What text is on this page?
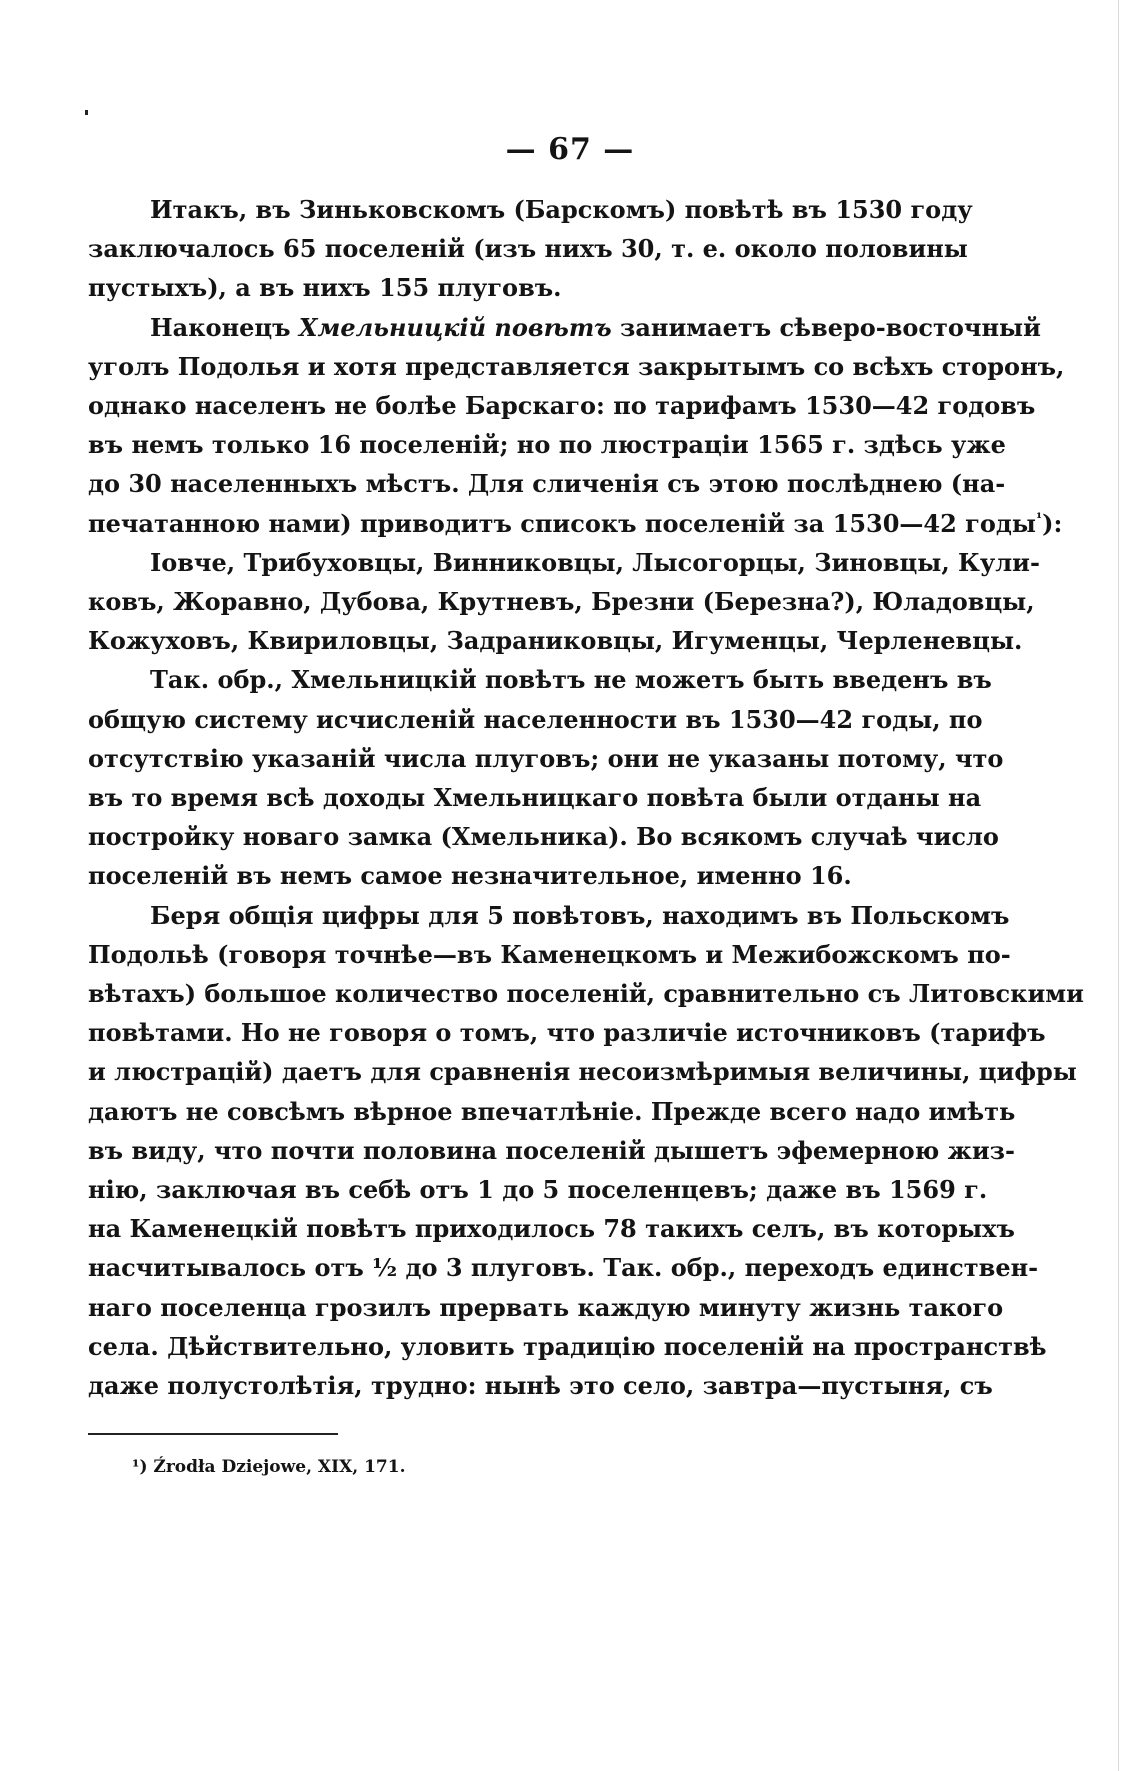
— 67 —
Итакъ, въ Зиньковскомъ (Барскомъ) повѣтѣ въ 1530 году
заключалось 65 поселеній (изъ нихъ 30, т. е. около половины
пустыхъ), а въ нихъ 155 плуговъ.
Наконецъ Хмельницкій повѣтъ занимаетъ сѣверо-восточный
уголъ Подолья и хотя представляется закрытымъ со всѣхъ сторонъ,
однако населенъ не болѣе Барскаго: по тарифамъ 1530—42 годовъ
въ немъ только 16 поселеній; но по люстраціи 1565 г. здѣсь уже
до 30 населенныхъ мѣстъ. Для сличенія съ этою послѣднею (на-
печатанною нами) приводитъ списокъ поселеній за 1530—42 годы$^{^1}$):
Іовче, Трибуховцы, Винниковцы, Лысогорцы, Зиновцы, Кули-
ковъ, Жоравно, Дубова, Крутневъ, Брезни (Березна?), Юладовцы,
Кожуховъ, Квириловцы, Задраниковцы, Игуменцы, Черленевцы.
Так. обр., Хмельницкій повѣтъ не можетъ быть введенъ въ
общую систему исчисленій населенности въ 1530—42 годы, по
отсутствію указаній числа плуговъ; они не указаны потому, что
въ то время всѣ доходы Хмельницкаго повѣта были отданы на
постройку новаго замка (Хмельника). Во всякомъ случаѣ число
поселеній въ немъ самое незначительное, именно 16.
Беря общія цифры для 5 повѣтовъ, находимъ въ Польскомъ
Подольѣ (говоря точнѣе—въ Каменецкомъ и Межибожскомъ по-
вѣтахъ) большое количество поселеній, сравнительно съ Литовскими
повѣтами. Но не говоря о томъ, что различіе источниковъ (тарифъ
и люстрацій) даетъ для сравненія несоизмѣримыя величины, цифры
даютъ не совсѣмъ вѣрное впечатлѣніе. Прежде всего надо имѣть
въ виду, что почти половина поселеній дышетъ эфемерною жиз-
нію, заключая въ себѣ отъ 1 до 5 поселенцевъ; даже въ 1569 г.
на Каменецкій повѣтъ приходилось 78 такихъ селъ, въ которыхъ
насчитывалось отъ ½ до 3 плуговъ. Так. обр., переходъ единствен-
наго поселенца грозилъ прервать каждую минуту жизнь такого
села. Дѣйствительно, уловить традицію поселеній на пространствѣ
даже полустолѣтія, трудно: нынѣ это село, завтра—пустыня, съ
¹) Źrodła Dziejowe, XIX, 171.
